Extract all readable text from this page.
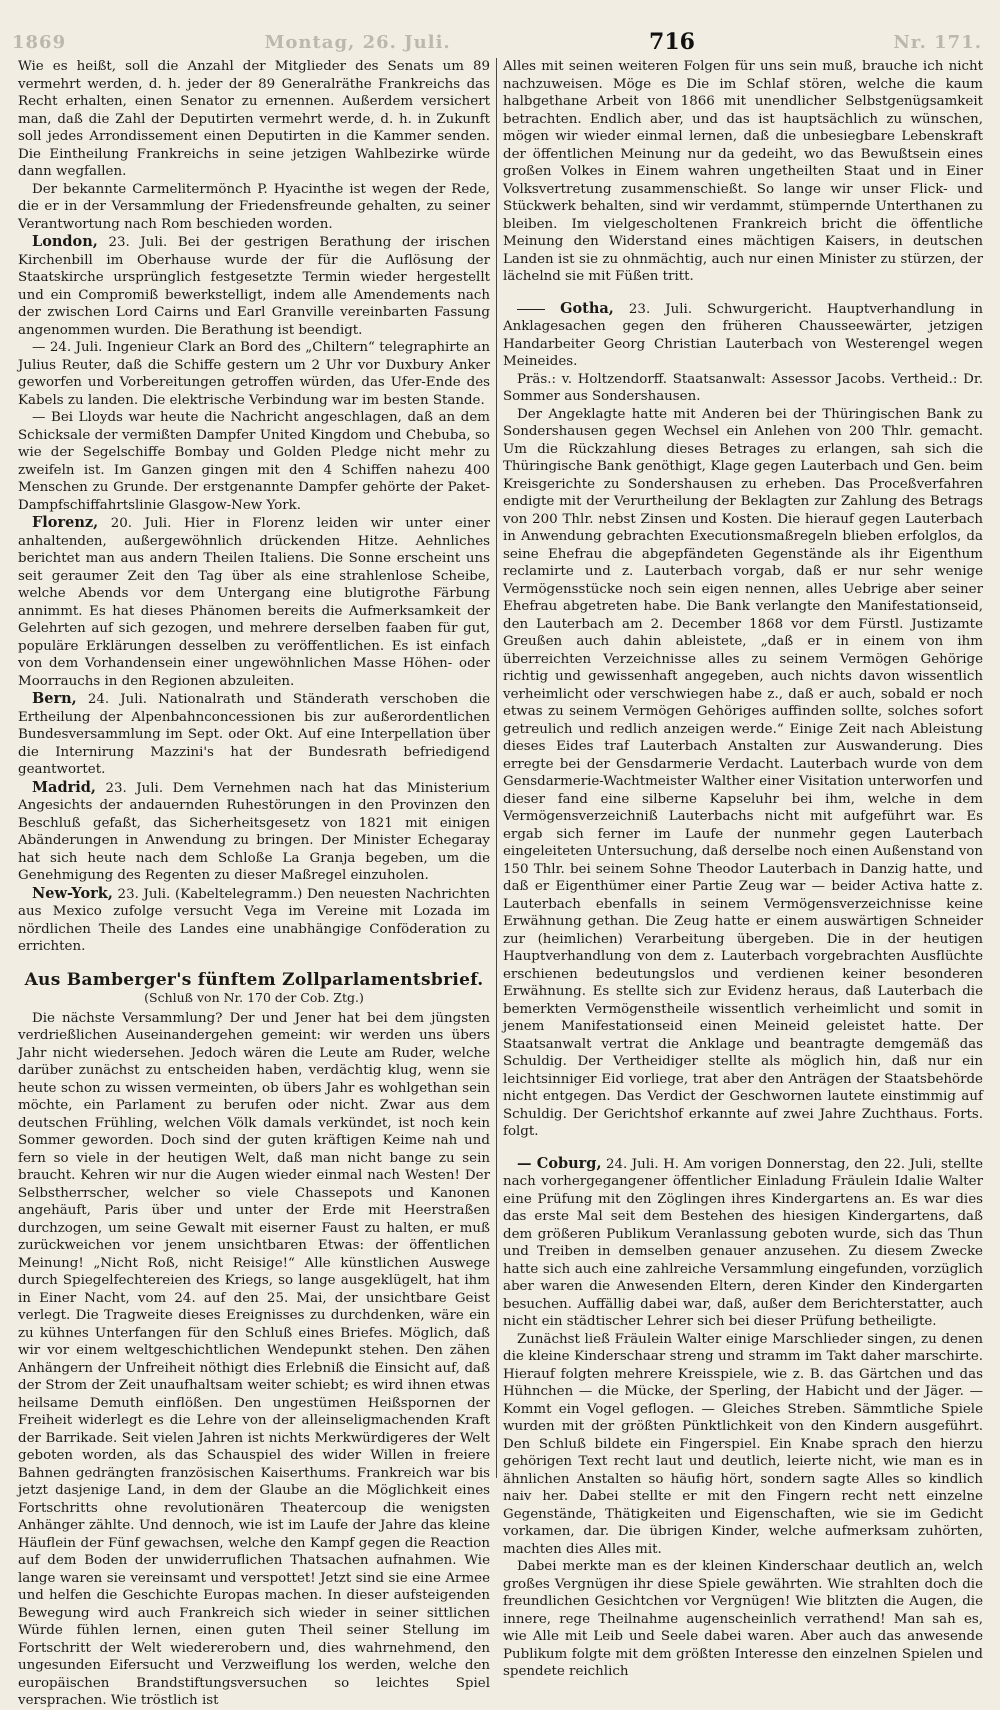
1869	Montag, 26. Juli.	716	Nr. 171.

Wie es heißt, soll die Anzahl der Mitglieder des Senats um 89 vermehrt werden, d. h. jeder der 89 Generalräthe Frankreichs das Recht erhalten, einen Senator zu ernennen. Außerdem versichert man, daß die Zahl der Deputirten vermehrt werde, d. h. in Zukunft soll jedes Arrondissement einen Deputirten in die Kammer senden. Die Eintheilung Frankreichs in seine jetzigen Wahlbezirke würde dann wegfallen.

Der bekannte Carmelitermönch P. Hyacinthe ist wegen der Rede, die er in der Versammlung der Friedensfreunde gehalten, zu seiner Verantwortung nach Rom beschieden worden.

London, 23. Juli. Bei der gestrigen Berathung der irischen Kirchenbill im Oberhause wurde der für die Auflösung der Staatskirche ursprünglich festgesetzte Termin wieder hergestellt und ein Compromiß bewerkstelligt, indem alle Amendements nach der zwischen Lord Cairns und Earl Granville vereinbarten Fassung angenommen wurden. Die Berathung ist beendigt.

— 24. Juli. Ingenieur Clark an Bord des „Chiltern“ telegraphirte an Julius Reuter, daß die Schiffe gestern um 2 Uhr vor Duxbury Anker geworfen und Vorbereitungen getroffen würden, das Ufer-Ende des Kabels zu landen. Die elektrische Verbindung war im besten Stande.

— Bei Lloyds war heute die Nachricht angeschlagen, daß an dem Schicksale der vermißten Dampfer United Kingdom und Chebuba, so wie der Segelschiffe Bombay und Golden Pledge nicht mehr zu zweifeln ist. Im Ganzen gingen mit den 4 Schiffen nahezu 400 Menschen zu Grunde. Der erstgenannte Dampfer gehörte der Paket-Dampfschiffahrtslinie Glasgow-New York.

Florenz, 20. Juli. Hier in Florenz leiden wir unter einer anhaltenden, außergewöhnlich drückenden Hitze. Aehnliches berichtet man aus andern Theilen Italiens. Die Sonne erscheint uns seit geraumer Zeit den Tag über als eine strahlenlose Scheibe, welche Abends vor dem Untergang eine blutigrothe Färbung annimmt. Es hat dieses Phänomen bereits die Aufmerksamkeit der Gelehrten auf sich gezogen, und mehrere derselben faaben für gut, populäre Erklärungen desselben zu veröffentlichen. Es ist einfach von dem Vorhandensein einer ungewöhnlichen Masse Höhen- oder Moorrauchs in den Regionen abzuleiten.

Bern, 24. Juli. Nationalrath und Ständerath verschoben die Ertheilung der Alpenbahnconcessionen bis zur außerordentlichen Bundesversammlung im Sept. oder Okt. Auf eine Interpellation über die Internirung Mazzini's hat der Bundesrath befriedigend geantwortet.

Madrid, 23. Juli. Dem Vernehmen nach hat das Ministerium Angesichts der andauernden Ruhestörungen in den Provinzen den Beschluß gefaßt, das Sicherheitsgesetz von 1821 mit einigen Abänderungen in Anwendung zu bringen. Der Minister Echegaray hat sich heute nach dem Schloße La Granja begeben, um die Genehmigung des Regenten zu dieser Maßregel einzuholen.

New-York, 23. Juli. (Kabeltelegramm.) Den neuesten Nachrichten aus Mexico zufolge versucht Vega im Vereine mit Lozada im nördlichen Theile des Landes eine unabhängige Conföderation zu errichten.

Aus Bamberger's fünftem Zollparlamentsbrief.
(Schluß von Nr. 170 der Cob. Ztg.)

Die nächste Versammlung? Der und Jener hat bei dem jüngsten verdrießlichen Auseinandergehen gemeint: wir werden uns übers Jahr nicht wiedersehen. Jedoch wären die Leute am Ruder, welche darüber zunächst zu entscheiden haben, verdächtig klug, wenn sie heute schon zu wissen vermeinten, ob übers Jahr es wohlgethan sein möchte, ein Parlament zu berufen oder nicht. Zwar aus dem deutschen Frühling, welchen Völk damals verkündet, ist noch kein Sommer geworden. Doch sind der guten kräftigen Keime nah und fern so viele in der heutigen Welt, daß man nicht bange zu sein braucht. Kehren wir nur die Augen wieder einmal nach Westen! Der Selbstherrscher, welcher so viele Chassepots und Kanonen angehäuft, Paris über und unter der Erde mit Heerstraßen durchzogen, um seine Gewalt mit eiserner Faust zu halten, er muß zurückweichen vor jenem unsichtbaren Etwas: der öffentlichen Meinung! „Nicht Roß, nicht Reisige!“ Alle künstlichen Auswege durch Spiegelfechtereien des Kriegs, so lange ausgeklügelt, hat ihm in Einer Nacht, vom 24. auf den 25. Mai, der unsichtbare Geist verlegt. Die Tragweite dieses Ereignisses zu durchdenken, wäre ein zu kühnes Unterfangen für den Schluß eines Briefes. Möglich, daß wir vor einem weltgeschichtlichen Wendepunkt stehen. Den zähen Anhängern der Unfreiheit nöthigt dies Erlebniß die Einsicht auf, daß der Strom der Zeit unaufhaltsam weiter schiebt; es wird ihnen etwas heilsame Demuth einflößen. Den ungestümen Heißspornen der Freiheit widerlegt es die Lehre von der alleinseligmachenden Kraft der Barrikade. Seit vielen Jahren ist nichts Merkwürdigeres der Welt geboten worden, als das Schauspiel des wider Willen in freiere Bahnen gedrängten französischen Kaiserthums. Frankreich war bis jetzt dasjenige Land, in dem der Glaube an die Möglichkeit eines Fortschritts ohne revolutionären Theatercoup die wenigsten Anhänger zählte. Und dennoch, wie ist im Laufe der Jahre das kleine Häuflein der Fünf gewachsen, welche den Kampf gegen die Reaction auf dem Boden der unwiderruflichen Thatsachen aufnahmen. Wie lange waren sie vereinsamt und verspottet! Jetzt sind sie eine Armee und helfen die Geschichte Europas machen. In dieser aufsteigenden Bewegung wird auch Frankreich sich wieder in seiner sittlichen Würde fühlen lernen, einen guten Theil seiner Stellung im Fortschritt der Welt wiedererobern und, dies wahrnehmend, den ungesunden Eifersucht und Verzweiflung los werden, welche den europäischen Brandstiftungsversuchen so leichtes Spiel versprachen. Wie tröstlich ist

Alles mit seinen weiteren Folgen für uns sein muß, brauche ich nicht nachzuweisen. Möge es Die im Schlaf stören, welche die kaum halbgethane Arbeit von 1866 mit unendlicher Selbstgenügsamkeit betrachten. Endlich aber, und das ist hauptsächlich zu wünschen, mögen wir wieder einmal lernen, daß die unbesiegbare Lebenskraft der öffentlichen Meinung nur da gedeiht, wo das Bewußtsein eines großen Volkes in Einem wahren ungetheilten Staat und in Einer Volksvertretung zusammenschießt. So lange wir unser Flick- und Stückwerk behalten, sind wir verdammt, stümpernde Unterthanen zu bleiben. Im vielgescholtenen Frankreich bricht die öffentliche Meinung den Widerstand eines mächtigen Kaisers, in deutschen Landen ist sie zu ohnmächtig, auch nur einen Minister zu stürzen, der lächelnd sie mit Füßen tritt.

Gotha, 23. Juli. Schwurgericht. Hauptverhandlung in Anklagesachen gegen den früheren Chausseewärter, jetzigen Handarbeiter Georg Christian Lauterbach von Westerengel wegen Meineides.

Präs.: v. Holtzendorff. Staatsanwalt: Assessor Jacobs. Vertheid.: Dr. Sommer aus Sondershausen.

Der Angeklagte hatte mit Anderen bei der Thüringischen Bank zu Sondershausen gegen Wechsel ein Anlehen von 200 Thlr. gemacht. Um die Rückzahlung dieses Betrages zu erlangen, sah sich die Thüringische Bank genöthigt, Klage gegen Lauterbach und Gen. beim Kreisgerichte zu Sondershausen zu erheben. Das Proceßverfahren endigte mit der Verurtheilung der Beklagten zur Zahlung des Betrags von 200 Thlr. nebst Zinsen und Kosten. Die hierauf gegen Lauterbach in Anwendung gebrachten Executionsmaßregeln blieben erfolglos, da seine Ehefrau die abgepfändeten Gegenstände als ihr Eigenthum reclamirte und z. Lauterbach vorgab, daß er nur sehr wenige Vermögensstücke noch sein eigen nennen, alles Uebrige aber seiner Ehefrau abgetreten habe. Die Bank verlangte den Manifestationseid, den Lauterbach am 2. December 1868 vor dem Fürstl. Justizamte Greußen auch dahin ableistete, „daß er in einem von ihm überreichten Verzeichnisse alles zu seinem Vermögen Gehörige richtig und gewissenhaft angegeben, auch nichts davon wissentlich verheimlicht oder verschwiegen habe z., daß er auch, sobald er noch etwas zu seinem Vermögen Gehöriges auffinden sollte, solches sofort getreulich und redlich anzeigen werde.“ Einige Zeit nach Ableistung dieses Eides traf Lauterbach Anstalten zur Auswanderung. Dies erregte bei der Gensdarmerie Verdacht. Lauterbach wurde von dem Gensdarmerie-Wachtmeister Walther einer Visitation unterworfen und dieser fand eine silberne Kapseluhr bei ihm, welche in dem Vermögensverzeichniß Lauterbachs nicht mit aufgeführt war. Es ergab sich ferner im Laufe der nunmehr gegen Lauterbach eingeleiteten Untersuchung, daß derselbe noch einen Außenstand von 150 Thlr. bei seinem Sohne Theodor Lauterbach in Danzig hatte, und daß er Eigenthümer einer Partie Zeug war — beider Activa hatte z. Lauterbach ebenfalls in seinem Vermögensverzeichnisse keine Erwähnung gethan. Die Zeug hatte er einem auswärtigen Schneider zur (heimlichen) Verarbeitung übergeben. Die in der heutigen Hauptverhandlung von dem z. Lauterbach vorgebrachten Ausflüchte erschienen bedeutungslos und verdienen keiner besonderen Erwähnung. Es stellte sich zur Evidenz heraus, daß Lauterbach die bemerkten Vermögenstheile wissentlich verheimlicht und somit in jenem Manifestationseid einen Meineid geleistet hatte. Der Staatsanwalt vertrat die Anklage und beantragte demgemäß das Schuldig. Der Vertheidiger stellte als möglich hin, daß nur ein leichtsinniger Eid vorliege, trat aber den Anträgen der Staatsbehörde nicht entgegen. Das Verdict der Geschwornen lautete einstimmig auf Schuldig. Der Gerichtshof erkannte auf zwei Jahre Zuchthaus. Forts. folgt.

— Coburg, 24. Juli. H. Am vorigen Donnerstag, den 22. Juli, stellte nach vorhergegangener öffentlicher Einladung Fräulein Idalie Walter eine Prüfung mit den Zöglingen ihres Kindergartens an. Es war dies das erste Mal seit dem Bestehen des hiesigen Kindergartens, daß dem größeren Publikum Veranlassung geboten wurde, sich das Thun und Treiben in demselben genauer anzusehen. Zu diesem Zwecke hatte sich auch eine zahlreiche Versammlung eingefunden, vorzüglich aber waren die Anwesenden Eltern, deren Kinder den Kindergarten besuchen. Auffällig dabei war, daß, außer dem Berichterstatter, auch nicht ein städtischer Lehrer sich bei dieser Prüfung betheiligte.

Zunächst ließ Fräulein Walter einige Marschlieder singen, zu denen die kleine Kinderschaar streng und stramm im Takt daher marschirte. Hierauf folgten mehrere Kreisspiele, wie z. B. das Gärtchen und das Hühnchen — die Mücke, der Sperling, der Habicht und der Jäger. — Kommt ein Vogel geflogen. — Gleiches Streben. Sämmtliche Spiele wurden mit der größten Pünktlichkeit von den Kindern ausgeführt. Den Schluß bildete ein Fingerspiel. Ein Knabe sprach den hierzu gehörigen Text recht laut und deutlich, leierte nicht, wie man es in ähnlichen Anstalten so häufig hört, sondern sagte Alles so kindlich naiv her. Dabei stellte er mit den Fingern recht nett einzelne Gegenstände, Thätigkeiten und Eigenschaften, wie sie im Gedicht vorkamen, dar. Die übrigen Kinder, welche aufmerksam zuhörten, machten dies Alles mit.

Dabei merkte man es der kleinen Kinderschaar deutlich an, welch großes Vergnügen ihr diese Spiele gewährten. Wie strahlten doch die freundlichen Gesichtchen vor Vergnügen! Wie blitzten die Augen, die innere, rege Theilnahme augenscheinlich verrathend! Man sah es, wie Alle mit Leib und Seele dabei waren. Aber auch das anwesende Publikum folgte mit dem größten Interesse den einzelnen Spielen und spendete reichlich
